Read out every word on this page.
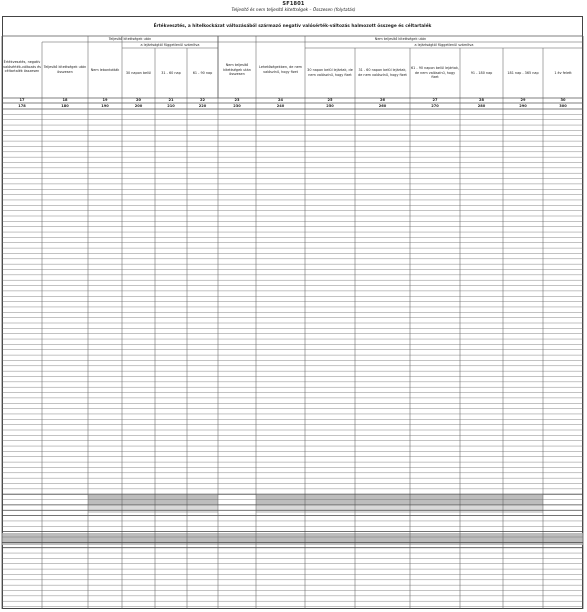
SF1801
Teljesítő és nem teljesítő kitettségek – Összesen (folytatás)
Értékvesztés, a hitelkockázat változásából származó negatív valósérték-változás halmozott összege és céltartalék
Teljesítő kitettségek után	Nem teljesítő kitettségek után
a lejártságtól függetlenül számítva	a lejártságtól függetlenül számítva
Értékvesztés, negatív valósérték-változás és céltartalék összesen
17
178
Teljesítő kitettségek után összesen
18
180
Nem lebontották
19
190
30 napon belül
20
200
31 - 60 nap
21
210
61 - 90 nap
22
220
Nem teljesítő kitettségek után összesen
23
230
Lehetőségekben, de nem valószínű, hogy fizet
24
240
30 napon belül lejártak, de nem valószínű, hogy fizet
25
250
31 - 60 napon belül lejártak, de nem valószínű, hogy fizet
26
260
61 - 90 napon belül lejártak, de nem valószínű, hogy fizet
27
270
91 - 180 nap
28
280
181 nap - 365 nap
29
290
1 év felett
30
300
